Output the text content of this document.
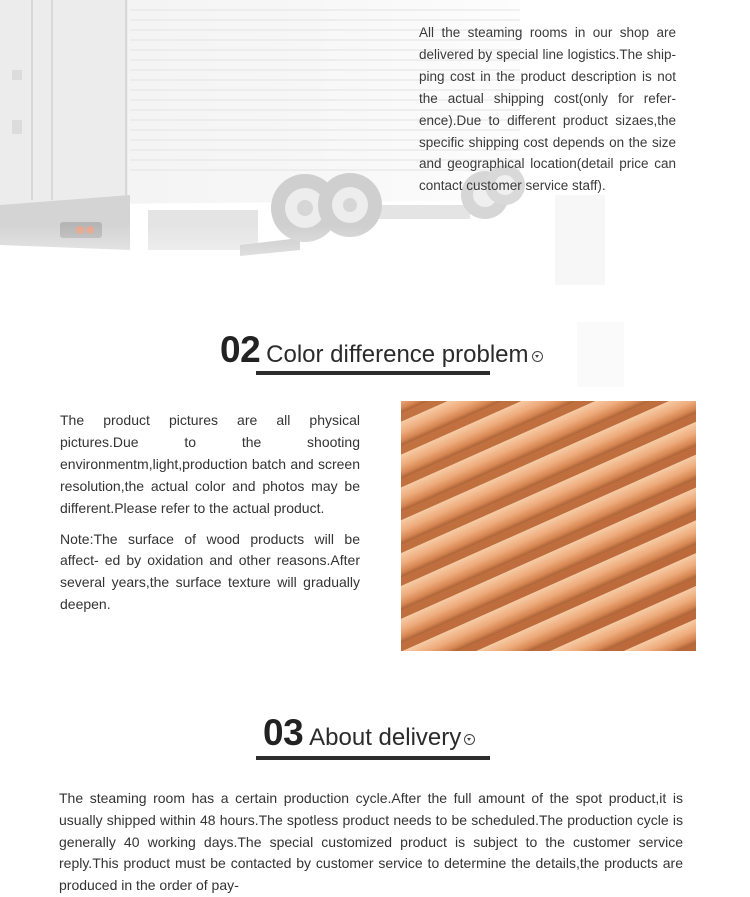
All the steaming rooms in our shop are delivered by special line logistics.The ship- ping cost in the product description is not the actual shipping cost(only for refer- ence).Due to different product sizaes,the specific shipping cost depends on the size and geographical location(detail price can contact customer service staff).
02 Color difference problem

The product pictures are all physical pictures.Due to the shooting environmentm,light,production batch and screen resolution,the actual color and photos may be different.Please refer to the actual product.

Note:The surface of wood products will be affect- ed by oxidation and other reasons.After several years,the surface texture will gradually deepen.

03 About delivery
The steaming room has a certain production cycle.After the full amount of the spot product,it is usually shipped within 48 hours.The spotless product needs to be scheduled.The production cycle is generally 40 working days.The special customized product is subject to the customer service reply.This product must be contacted by customer service to determine the details,the products are produced in the order of pay-
